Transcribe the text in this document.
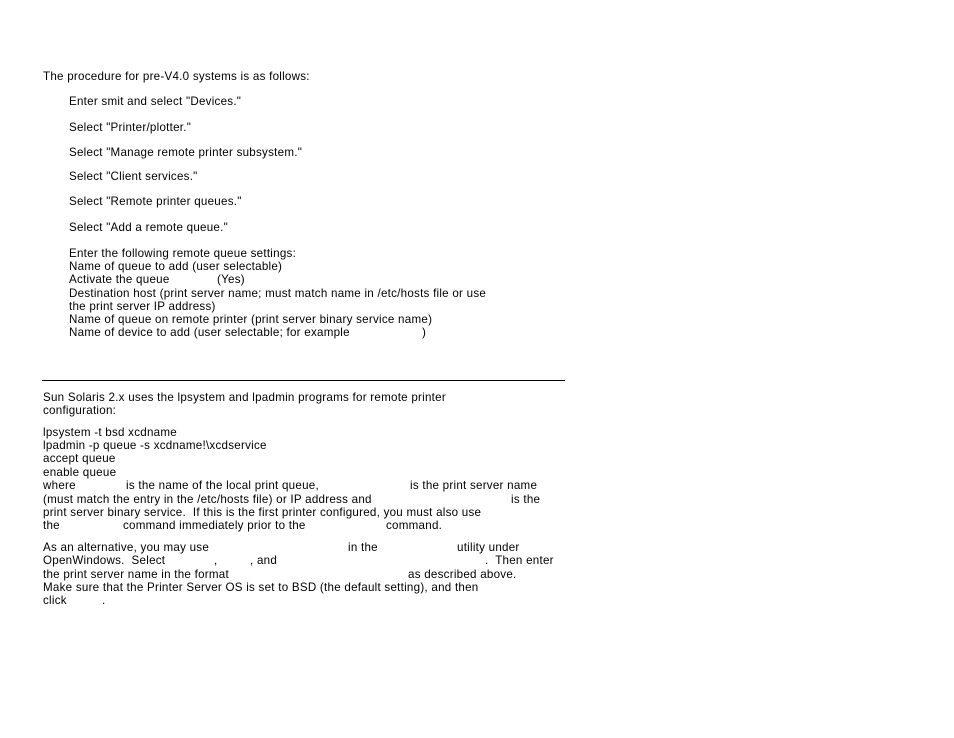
The procedure for pre-V4.0 systems is as follows:
Enter smit and select "Devices."
Select "Printer/plotter."
Select "Manage remote printer subsystem."
Select "Client services."
Select "Remote printer queues."
Select "Add a remote queue."
Enter the following remote queue settings:
Name of queue to add (user selectable)
Activate the queue	(Yes)
Destination host (print server name; must match name in /etc/hosts file or use
the print server IP address)
Name of queue on remote printer (print server binary service name)
Name of device to add (user selectable; for example	)
Sun Solaris 2.x uses the lpsystem and lpadmin programs for remote printer
configuration:
lpsystem -t bsd xcdname
lpadmin -p queue -s xcdname!\xcdservice
accept queue
enable queue
where	is the name of the local print queue,	is the print server name
(must match the entry in the /etc/hosts file) or IP address and	is the
print server binary service.  If this is the first printer configured, you must also use
the	command immediately prior to the	command.
As an alternative, you may use	in the	utility under
OpenWindows.  Select	,	, and	.  Then enter
the print server name in the format	as described above.
Make sure that the Printer Server OS is set to BSD (the default setting), and then
click	.
